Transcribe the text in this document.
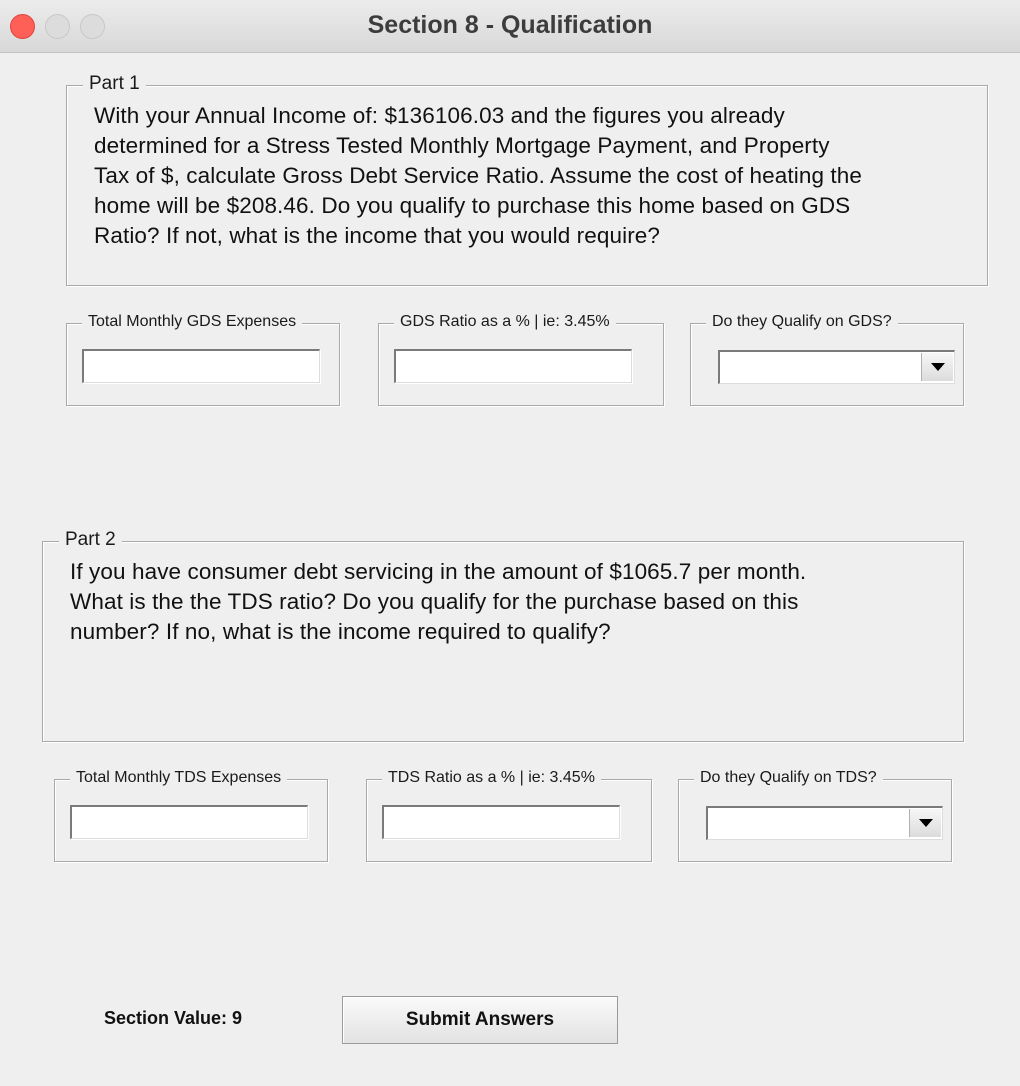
Section 8 - Qualification
Part 1
With your Annual Income of: $136106.03 and the figures you already
determined for a Stress Tested Monthly Mortgage Payment, and Property
Tax of $, calculate Gross Debt Service Ratio. Assume the cost of heating the
home will be $208.46. Do you qualify to purchase this home based on GDS
Ratio? If not, what is the income that you would require?
Total Monthly GDS Expenses	GDS Ratio as a % | ie: 3.45%	Do they Qualify on GDS?
Part 2
If you have consumer debt servicing in the amount of $1065.7 per month.
What is the the TDS ratio? Do you qualify for the purchase based on this
number? If no, what is the income required to qualify?
Total Monthly TDS Expenses	TDS Ratio as a % | ie: 3.45%	Do they Qualify on TDS?
Section Value: 9	Submit Answers
